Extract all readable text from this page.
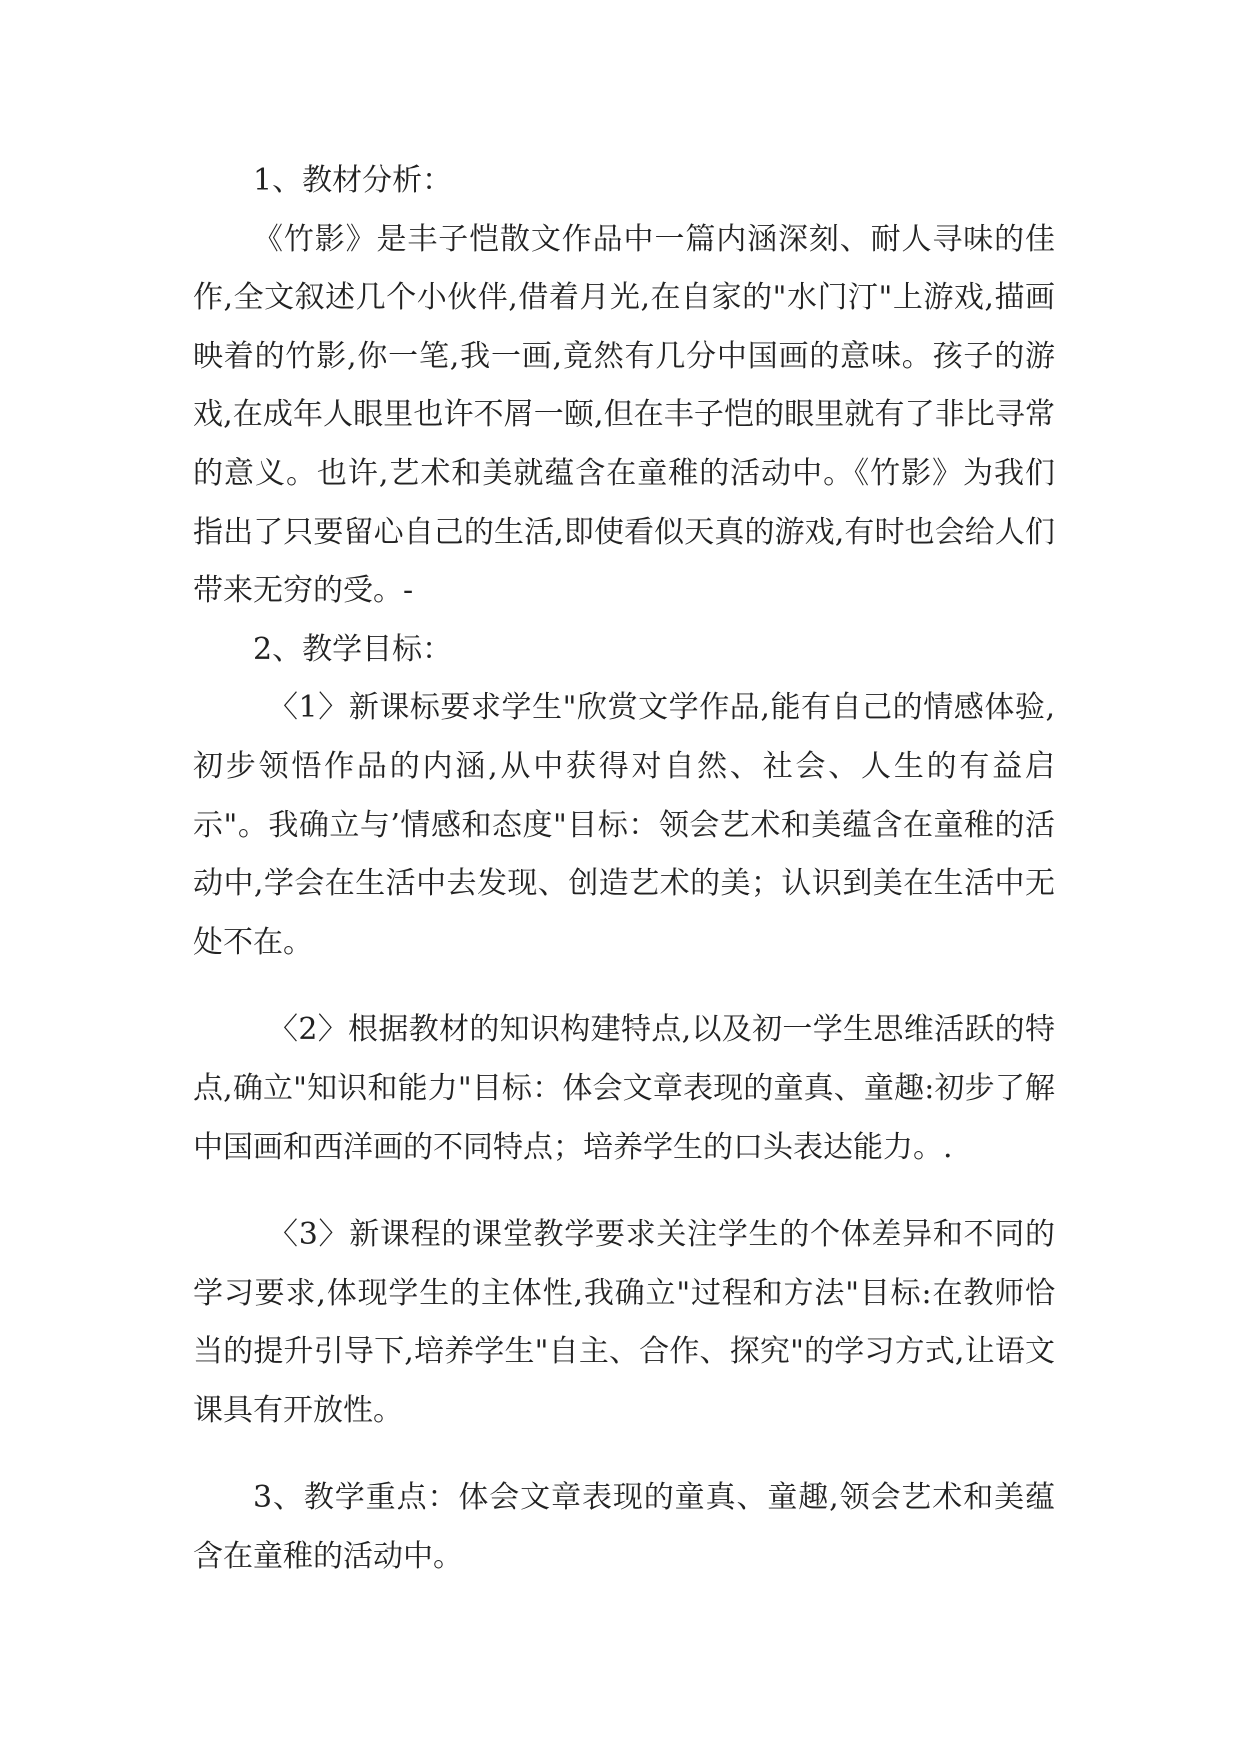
1、教材分析：

《竹影》是丰子恺散文作品中一篇内涵深刻、耐人寻味的佳作,全文叙述几个小伙伴,借着月光,在自家的"水门汀"上游戏,描画映着的竹影,你一笔,我一画,竟然有几分中国画的意味。孩子的游戏,在成年人眼里也许不屑一颐,但在丰子恺的眼里就有了非比寻常的意义。也许,艺术和美就蕴含在童稚的活动中。《竹影》为我们指出了只要留心自己的生活,即使看似天真的游戏,有时也会给人们带来无穷的受。-

2、教学目标：

〈1〉新课标要求学生"欣赏文学作品,能有自己的情感体验,初步领悟作品的内涵,从中获得对自然、社会、人生的有益启示"。我确立与’情感和态度"目标：领会艺术和美蕴含在童稚的活动中,学会在生活中去发现、创造艺术的美；认识到美在生活中无处不在。

〈2〉根据教材的知识构建特点,以及初一学生思维活跃的特点,确立"知识和能力"目标：体会文章表现的童真、童趣:初步了解中国画和西洋画的不同特点；培养学生的口头表达能力。.

〈3〉新课程的课堂教学要求关注学生的个体差异和不同的学习要求,体现学生的主体性,我确立"过程和方法"目标:在教师恰当的提升引导下,培养学生"自主、合作、探究"的学习方式,让语文课具有开放性。

3、教学重点：体会文章表现的童真、童趣,领会艺术和美蕴含在童稚的活动中。
